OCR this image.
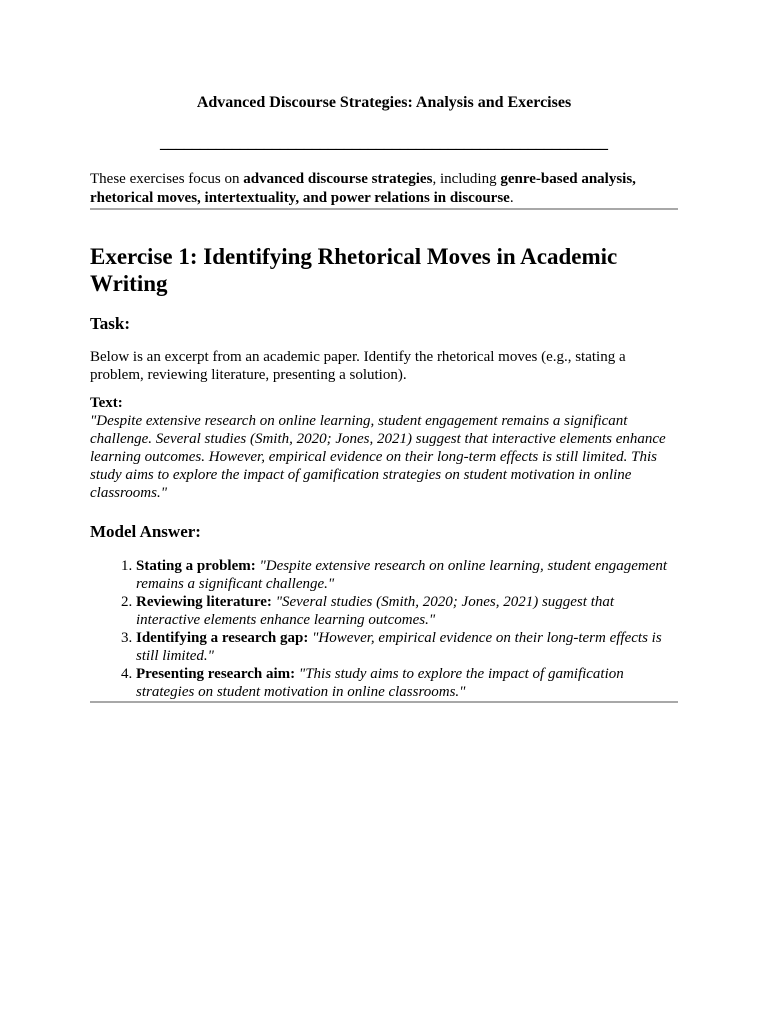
Advanced Discourse Strategies: Analysis and Exercises

________________________________________________________

These exercises focus on advanced discourse strategies, including genre-based analysis, rhetorical moves, intertextuality, and power relations in discourse.

Exercise 1: Identifying Rhetorical Moves in Academic Writing
Task:

Below is an excerpt from an academic paper. Identify the rhetorical moves (e.g., stating a problem, reviewing literature, presenting a solution).

Text:

"Despite extensive research on online learning, student engagement remains a significant challenge. Several studies (Smith, 2020; Jones, 2021) suggest that interactive elements enhance learning outcomes. However, empirical evidence on their long-term effects is still limited. This study aims to explore the impact of gamification strategies on student motivation in online classrooms."

Model Answer:
1. Stating a problem: "Despite extensive research on online learning, student engagement remains a significant challenge."
2. Reviewing literature: "Several studies (Smith, 2020; Jones, 2021) suggest that interactive elements enhance learning outcomes."
3. Identifying a research gap: "However, empirical evidence on their long-term effects is still limited."
4. Presenting research aim: "This study aims to explore the impact of gamification strategies on student motivation in online classrooms."
